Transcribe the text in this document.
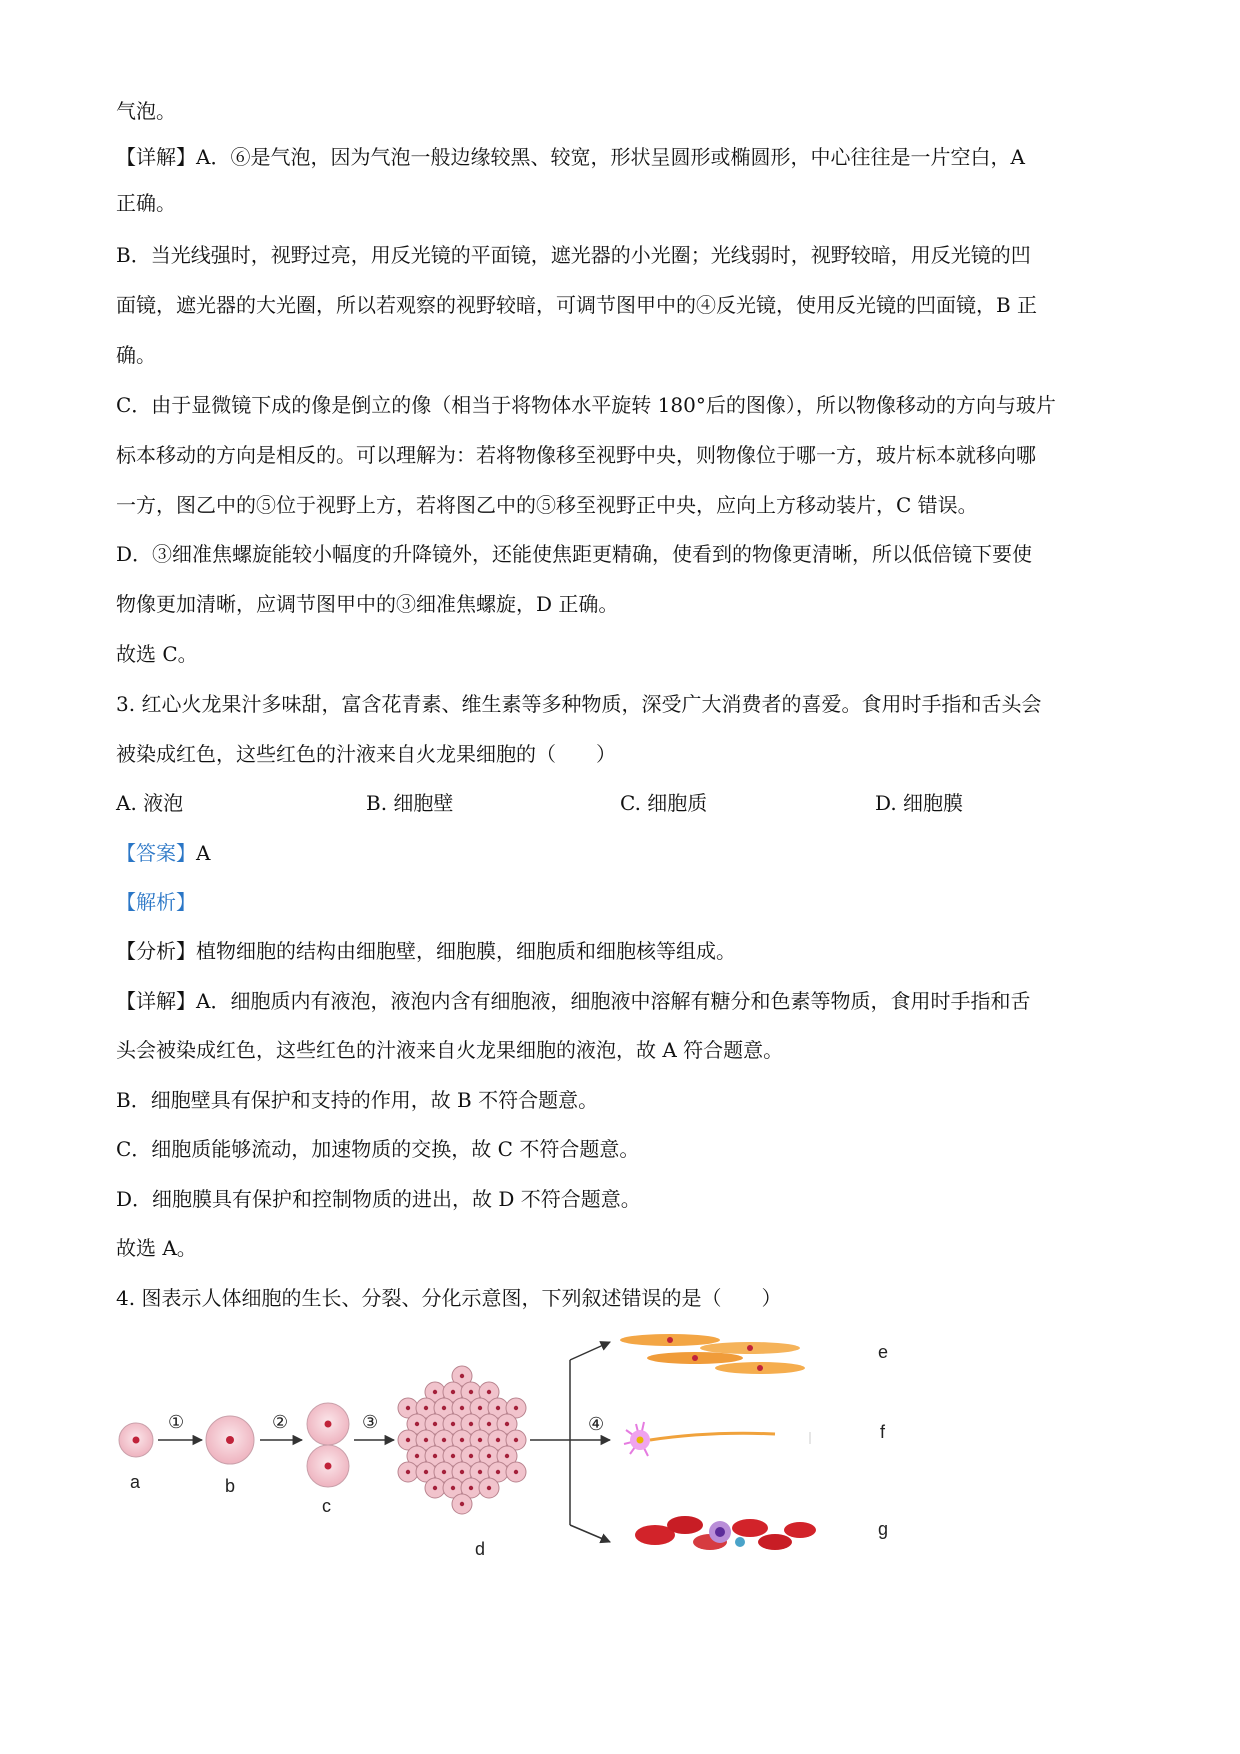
气泡。
【详解】A．⑥是气泡，因为气泡一般边缘较黑、较宽，形状呈圆形或椭圆形，中心往往是一片空白，A
正确。
B．当光线强时，视野过亮，用反光镜的平面镜，遮光器的小光圈；光线弱时，视野较暗，用反光镜的凹
面镜，遮光器的大光圈，所以若观察的视野较暗，可调节图甲中的④反光镜，使用反光镜的凹面镜，B 正
确。
C．由于显微镜下成的像是倒立的像（相当于将物体水平旋转 180°后的图像），所以物像移动的方向与玻片
标本移动的方向是相反的。可以理解为：若将物像移至视野中央，则物像位于哪一方，玻片标本就移向哪
一方，图乙中的⑤位于视野上方，若将图乙中的⑤移至视野正中央，应向上方移动装片，C 错误。
D．③细准焦螺旋能较小幅度的升降镜外，还能使焦距更精确，使看到的物像更清晰，所以低倍镜下要使
物像更加清晰，应调节图甲中的③细准焦螺旋，D 正确。
故选 C。
3. 红心火龙果汁多味甜，富含花青素、维生素等多种物质，深受广大消费者的喜爱。食用时手指和舌头会
被染成红色，这些红色的汁液来自火龙果细胞的（　　）
A. 液泡	B. 细胞壁	C. 细胞质	D. 细胞膜
【答案】A
【解析】
【分析】植物细胞的结构由细胞壁，细胞膜，细胞质和细胞核等组成。
【详解】A．细胞质内有液泡，液泡内含有细胞液，细胞液中溶解有糖分和色素等物质，食用时手指和舌
头会被染成红色，这些红色的汁液来自火龙果细胞的液泡，故 A 符合题意。
B．细胞壁具有保护和支持的作用，故 B 不符合题意。
C．细胞质能够流动，加速物质的交换，故 C 不符合题意。
D．细胞膜具有保护和控制物质的进出，故 D 不符合题意。
故选 A。
4. 图表示人体细胞的生长、分裂、分化示意图，下列叙述错误的是（　　）
a
①
b
②
c
③
d
④
e
f
g
